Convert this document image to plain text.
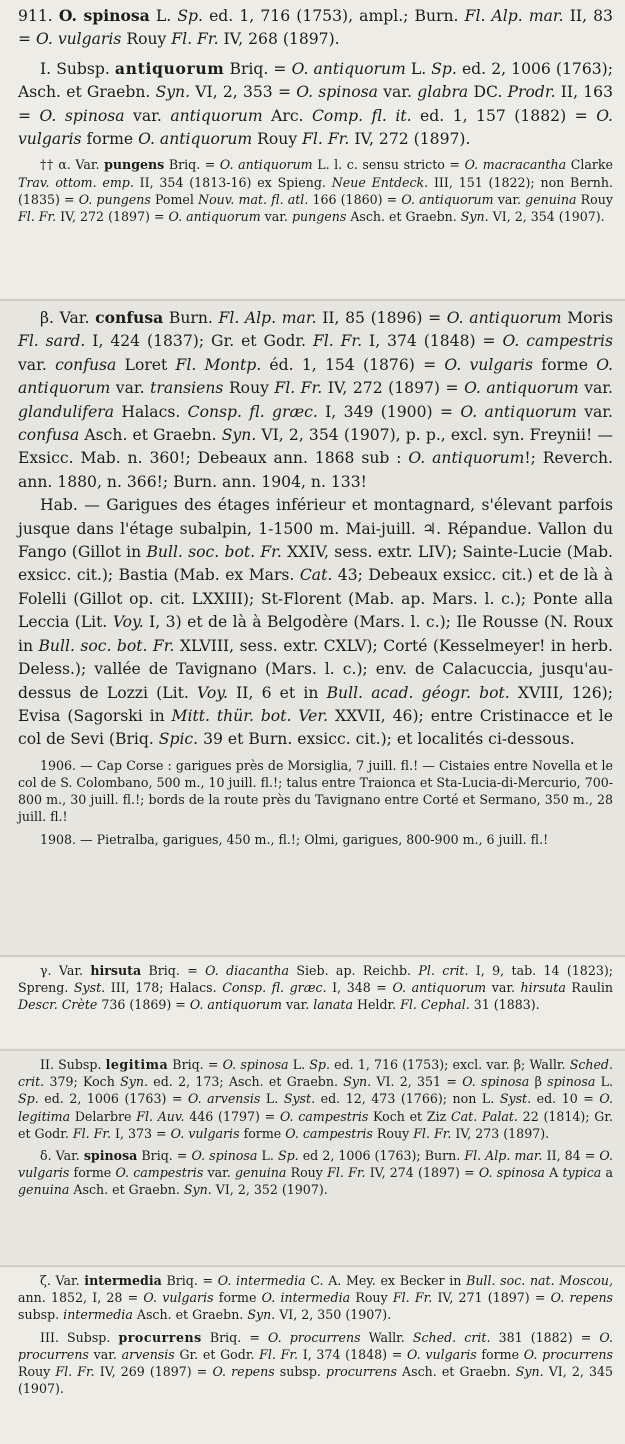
911. O. spinosa L. Sp. ed. 1, 716 (1753), ampl.; Burn. Fl. Alp. mar. II, 83 = O. vulgaris Rouy Fl. Fr. IV, 268 (1897).

I. Subsp. antiquorum Briq. = O. antiquorum L. Sp. ed. 2, 1006 (1763); Asch. et Graebn. Syn. VI, 2, 353 = O. spinosa var. glabra DC. Prodr. II, 163 = O. spinosa var. antiquorum Arc. Comp. fl. it. ed. 1, 157 (1882) = O. vulgaris forme O. antiquorum Rouy Fl. Fr. IV, 272 (1897).

†† α. Var. pungens Briq. = O. antiquorum L. l. c. sensu stricto = O. macracantha Clarke Trav. ottom. emp. II, 354 (1813-16) ex Spieng. Neue Entdeck. III, 151 (1822); non Bernh. (1835) = O. pungens Pomel Nouv. mat. fl. atl. 166 (1860) = O. antiquorum var. genuina Rouy Fl. Fr. IV, 272 (1897) = O. antiquorum var. pungens Asch. et Graebn. Syn. VI, 2, 354 (1907).

β. Var. confusa Burn. Fl. Alp. mar. II, 85 (1896) = O. antiquorum Moris Fl. sard. I, 424 (1837); Gr. et Godr. Fl. Fr. I, 374 (1848) = O. campestris var. confusa Loret Fl. Montp. éd. 1, 154 (1876) = O. vulgaris forme O. antiquorum var. transiens Rouy Fl. Fr. IV, 272 (1897) = O. antiquorum var. glandulifera Halacs. Consp. fl. græc. I, 349 (1900) = O. antiquorum var. confusa Asch. et Graebn. Syn. VI, 2, 354 (1907), p. p., excl. syn. Freynii! — Exsicc. Mab. n. 360!; Debeaux ann. 1868 sub : O. antiquorum!; Reverch. ann. 1880, n. 366!; Burn. ann. 1904, n. 133!

Hab. — Garigues des étages inférieur et montagnard, s'élevant parfois jusque dans l'étage subalpin, 1-1500 m. Mai-juill. ♃. Répandue. Vallon du Fango (Gillot in Bull. soc. bot. Fr. XXIV, sess. extr. LIV); Sainte-Lucie (Mab. exsicc. cit.); Bastia (Mab. ex Mars. Cat. 43; Debeaux exsicc. cit.) et de là à Folelli (Gillot op. cit. LXXIII); St-Florent (Mab. ap. Mars. l. c.); Ponte alla Leccia (Lit. Voy. I, 3) et de là à Belgodère (Mars. l. c.); Ile Rousse (N. Roux in Bull. soc. bot. Fr. XLVIII, sess. extr. CXLV); Corté (Kesselmeyer! in herb. Deless.); vallée de Tavignano (Mars. l. c.); env. de Calacuccia, jusqu'au-dessus de Lozzi (Lit. Voy. II, 6 et in Bull. acad. géogr. bot. XVIII, 126); Evisa (Sagorski in Mitt. thür. bot. Ver. XXVII, 46); entre Cristinacce et le col de Sevi (Briq. Spic. 39 et Burn. exsicc. cit.); et localités ci-dessous.

1906. — Cap Corse : garigues près de Morsiglia, 7 juill. fl.! — Cistaies entre Novella et le col de S. Colombano, 500 m., 10 juill. fl.!; talus entre Traionca et Sta-Lucia-di-Mercurio, 700-800 m., 30 juill. fl.!; bords de la route près du Tavignano entre Corté et Sermano, 350 m., 28 juill. fl.!

1908. — Pietralba, garigues, 450 m., fl.!; Olmi, garigues, 800-900 m., 6 juill. fl.!

γ. Var. hirsuta Briq. = O. diacantha Sieb. ap. Reichb. Pl. crit. I, 9, tab. 14 (1823); Spreng. Syst. III, 178; Halacs. Consp. fl. græc. I, 348 = O. antiquorum var. hirsuta Raulin Descr. Crète 736 (1869) = O. antiquorum var. lanata Heldr. Fl. Cephal. 31 (1883).

II. Subsp. legitima Briq. = O. spinosa L. Sp. ed. 1, 716 (1753); excl. var. β; Wallr. Sched. crit. 379; Koch Syn. ed. 2, 173; Asch. et Graebn. Syn. VI. 2, 351 = O. spinosa β spinosa L. Sp. ed. 2, 1006 (1763) = O. arvensis L. Syst. ed. 12, 473 (1766); non L. Syst. ed. 10 = O. legitima Delarbre Fl. Auv. 446 (1797) = O. campestris Koch et Ziz Cat. Palat. 22 (1814); Gr. et Godr. Fl. Fr. I, 373 = O. vulgaris forme O. campestris Rouy Fl. Fr. IV, 273 (1897).

δ. Var. spinosa Briq. = O. spinosa L. Sp. ed 2, 1006 (1763); Burn. Fl. Alp. mar. II, 84 = O. vulgaris forme O. campestris var. genuina Rouy Fl. Fr. IV, 274 (1897) = O. spinosa A typica a genuina Asch. et Graebn. Syn. VI, 2, 352 (1907).

ζ. Var. intermedia Briq. = O. intermedia C. A. Mey. ex Becker in Bull. soc. nat. Moscou, ann. 1852, I, 28 = O. vulgaris forme O. intermedia Rouy Fl. Fr. IV, 271 (1897) = O. repens subsp. intermedia Asch. et Graebn. Syn. VI, 2, 350 (1907).

III. Subsp. procurrens Briq. = O. procurrens Wallr. Sched. crit. 381 (1882) = O. procurrens var. arvensis Gr. et Godr. Fl. Fr. I, 374 (1848) = O. vulgaris forme O. procurrens Rouy Fl. Fr. IV, 269 (1897) = O. repens subsp. procurrens Asch. et Graebn. Syn. VI, 2, 345 (1907).
